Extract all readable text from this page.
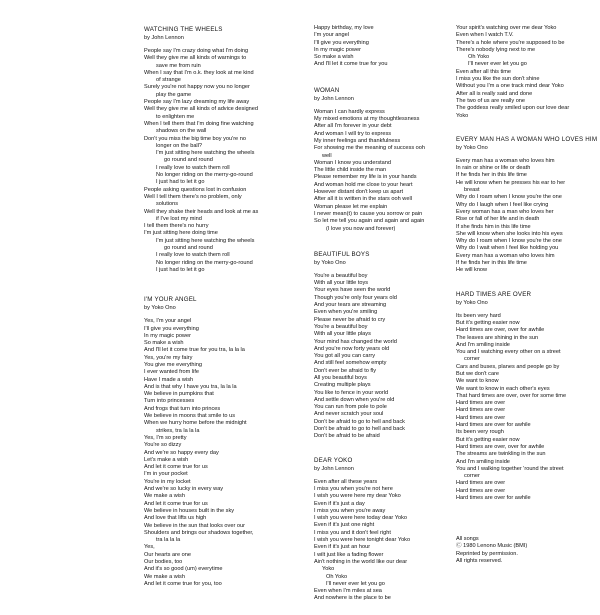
WATCHING THE WHEELS
by John Lennon
People say I'm crazy doing what I'm doing
Well they give me all kinds of warnings to
save me from ruin
When I say that I'm o.k. they look at me kind
of strange
Surely you're not happy now you no longer
play the game
People say I'm lazy dreaming my life away
Well they give me all kinds of advice designed
to enlighten me
When I tell them that I'm doing fine watching
shadows on the wall
Don't you miss the big time boy you're no
longer on the ball?
I'm just sitting here watching the wheels
go round and round
I really love to watch them roll
No longer riding on the merry-go-round
I just had to let it go
People asking questions lost in confusion
Well I tell them there's no problem, only
solutions
Well they shake their heads and look at me as
if I've lost my mind
I tell them there's no hurry
I'm just sitting here doing time
I'm just sitting here watching the wheels
go round and round
I really love to watch them roll
No longer riding on the merry-go-round
I just had to let it go
I'M YOUR ANGEL
by Yoko Ono
Yes, I'm your angel
I'll give you everything
In my magic power
So make a wish
And I'll let it come true for you tra, la la la
Yes, you're my fairy
You give me everything
I ever wanted from life
Have I made a wish
And is that why I have you tra, la la la
We believe in pumpkins that
Turn into princesses
And frogs that turn into princes
We believe in moons that smile to us
When we hurry home before the midnight
strikes, tra la la la
Yes, I'm so pretty
You're so dizzy
And we're so happy every day
Let's make a wish
And let it come true for us
I'm in your pocket
You're in my locket
And we're so lucky in every way
We make a wish
And let it come true for us
We believe in houses built in the sky
And love that lifts us high
We believe in the sun that looks over our
Shoulders and brings our shadows together,
tra la la la
Yes,
Our hearts are one
Our bodies, too
And it's so good (um) everytime
We make a wish
And let it come true for you, too
Happy birthday, my love
I'm your angel
I'll give you everything
In my magic power
So make a wish
And I'll let it come true for you
WOMAN
by John Lennon
Woman I can hardly express
My mixed emotions at my thoughtlessness
After all I'm forever in your debt
And woman I will try to express
My inner feelings and thankfulness
For showing me the meaning of success ooh
well
Woman I know you understand
The little child inside the man
Please remember my life is in your hands
And woman hold me close to your heart
However distant don't keep us apart
After all it is written in the stars ooh well
Woman please let me explain
I never mean(t) to cause you sorrow or pain
So let me tell you again and again and again
(I love you now and forever)
BEAUTIFUL BOYS
by Yoko Ono
You're a beautiful boy
With all your little toys
Your eyes have seen the world
Though you're only four years old
And your tears are streaming
Even when you're smiling
Please never be afraid to cry
You're a beautiful boy
With all your little plays
Your mind has changed the world
And you're now forty years old
You got all you can carry
And still feel somehow empty
Don't ever be afraid to fly
All you beautiful boys
Creating multiple plays
You like to fence in your world
And settle down when you're old
You can run from pole to pole
And never scratch your soul
Don't be afraid to go to hell and back
Don't be afraid to go to hell and back
Don't be afraid to be afraid
DEAR YOKO
by John Lennon
Even after all these years
I miss you when you're not here
I wish you were here my dear Yoko
Even if it's just a day
I miss you when you're away
I wish you were here today dear Yoko
Even if it's just one night
I miss you and it don't feel right
I wish you were here tonight dear Yoko
Even if it's just an hour
I wilt just like a fading flower
Ain't nothing in the world like our dear
Yoko
Oh Yoko
I'll never ever let you go
Even when I'm miles at sea
And nowhere is the place to be
Your spirit's watching over me dear Yoko
Even when I watch T.V.
There's a hole where you're supposed to be
There's nobody lying next to me
Oh Yoko
I'll never ever let you go
Even after all this time
I miss you like the sun don't shine
Without you I'm a one track mind dear Yoko
After all is really said and done
The two of us are really one
The goddess really smiled upon our love dear
Yoko
EVERY MAN HAS A WOMAN WHO LOVES HIM
by Yoko Ono
Every man has a woman who loves him
In rain or shine or life or death
If he finds her in this life time
He will know when he presses his ear to her
breast
Why do I roam when I know you're the one
Why do I laugh when I feel like crying
Every woman has a man who loves her
Rise or fall of her life and in death
If she finds him in this life time
She will know when she looks into his eyes
Why do I roam when I know you're the one
Why do I wait when I feel like holding you
Every man has a woman who loves him
If he finds her in this life time
He will know
HARD TIMES ARE OVER
by Yoko Ono
Its been very hard
But it's getting easier now
Hard times are over, over for awhile
The leaves are shining in the sun
And I'm smiling inside
You and I watching every other on a street
corner
Cars and buses, planes and people go by
But we don't care
We want to know
We want to know in each other's eyes
That hard times are over, over for some time
Hard times are over
Hard times are over
Hard times are over
Hard times are over for awhile
Its been very rough
But it's getting easier now
Hard times are over, over for awhile
The streams are twinkling in the sun
And I'm smiling inside
You and I walking together 'round the street
corner
Hard times are over
Hard times are over
Hard times are over for awhile
All songs
Ⓒ 1980 Lenono Music (BMI)
Reprinted by permission.
All rights reserved.
